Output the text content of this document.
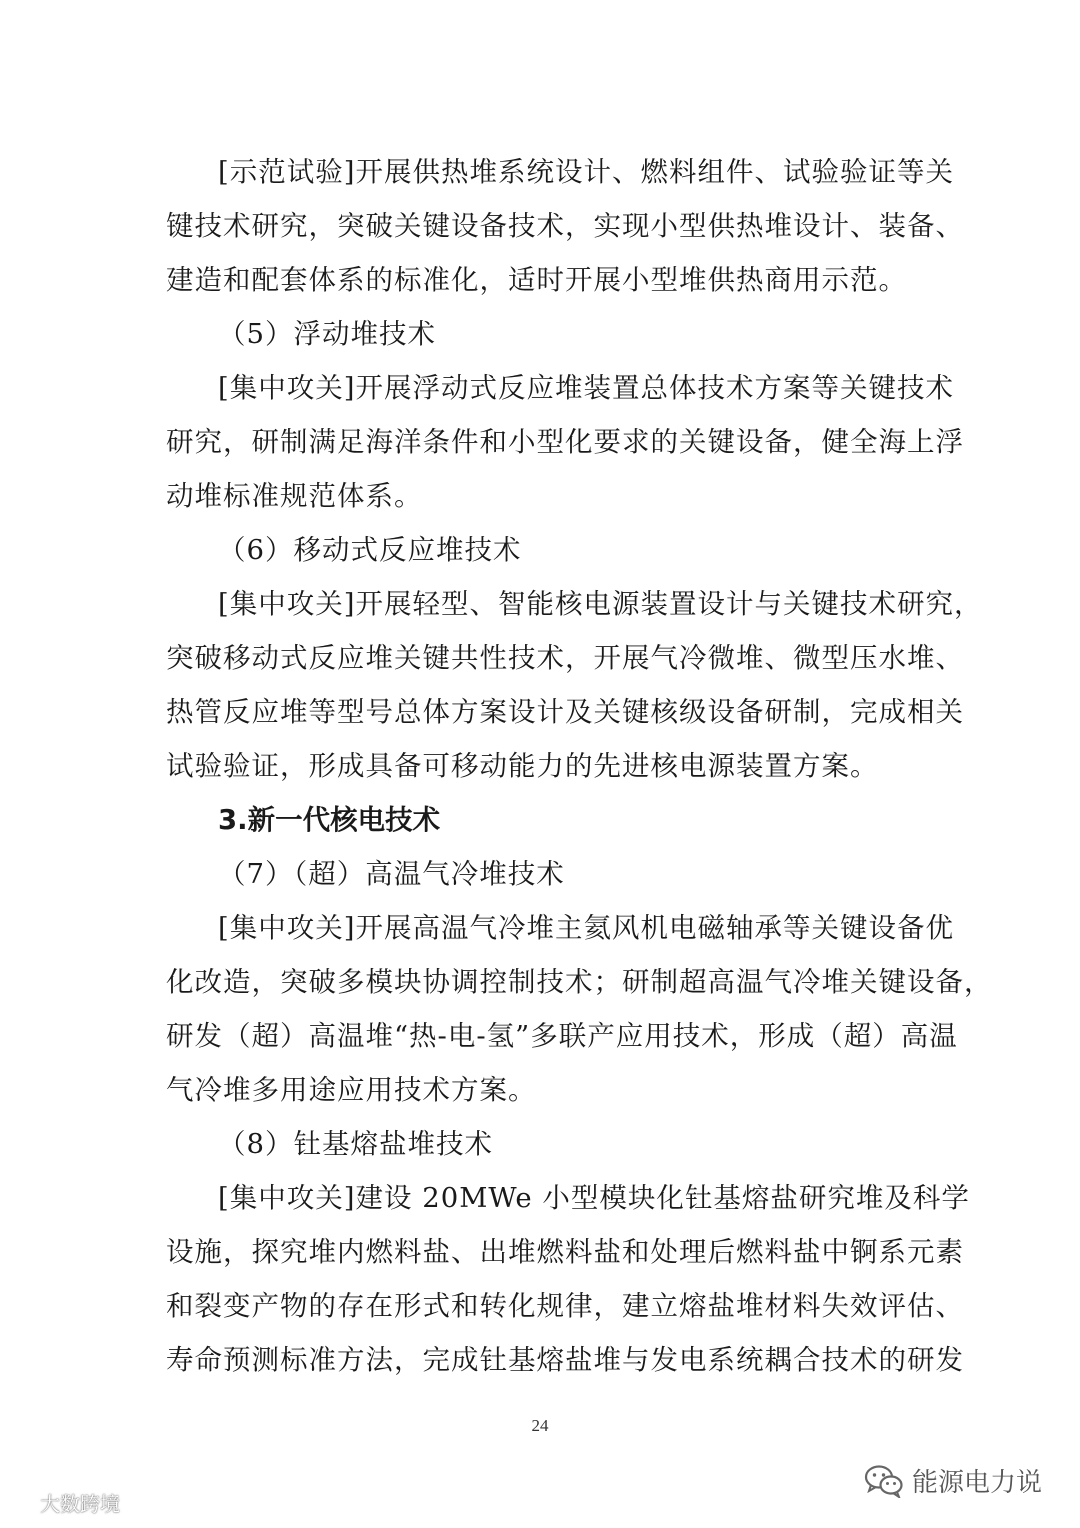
[示范试验]开展供热堆系统设计、燃料组件、试验验证等关
键技术研究，突破关键设备技术，实现小型供热堆设计、装备、
建造和配套体系的标准化，适时开展小型堆供热商用示范。
（5）浮动堆技术
[集中攻关]开展浮动式反应堆装置总体技术方案等关键技术
研究，研制满足海洋条件和小型化要求的关键设备，健全海上浮
动堆标准规范体系。
（6）移动式反应堆技术
[集中攻关]开展轻型、智能核电源装置设计与关键技术研究，
突破移动式反应堆关键共性技术，开展气冷微堆、微型压水堆、
热管反应堆等型号总体方案设计及关键核级设备研制，完成相关
试验验证，形成具备可移动能力的先进核电源装置方案。
3.新一代核电技术
（7）（超）高温气冷堆技术
[集中攻关]开展高温气冷堆主氦风机电磁轴承等关键设备优
化改造，突破多模块协调控制技术；研制超高温气冷堆关键设备，
研发（超）高温堆“热-电-氢”多联产应用技术，形成（超）高温
气冷堆多用途应用技术方案。
（8）钍基熔盐堆技术
[集中攻关]建设 20MWe 小型模块化钍基熔盐研究堆及科学
设施，探究堆内燃料盐、出堆燃料盐和处理后燃料盐中锕系元素
和裂变产物的存在形式和转化规律，建立熔盐堆材料失效评估、
寿命预测标准方法，完成钍基熔盐堆与发电系统耦合技术的研发
24
大数跨境
能源电力说
